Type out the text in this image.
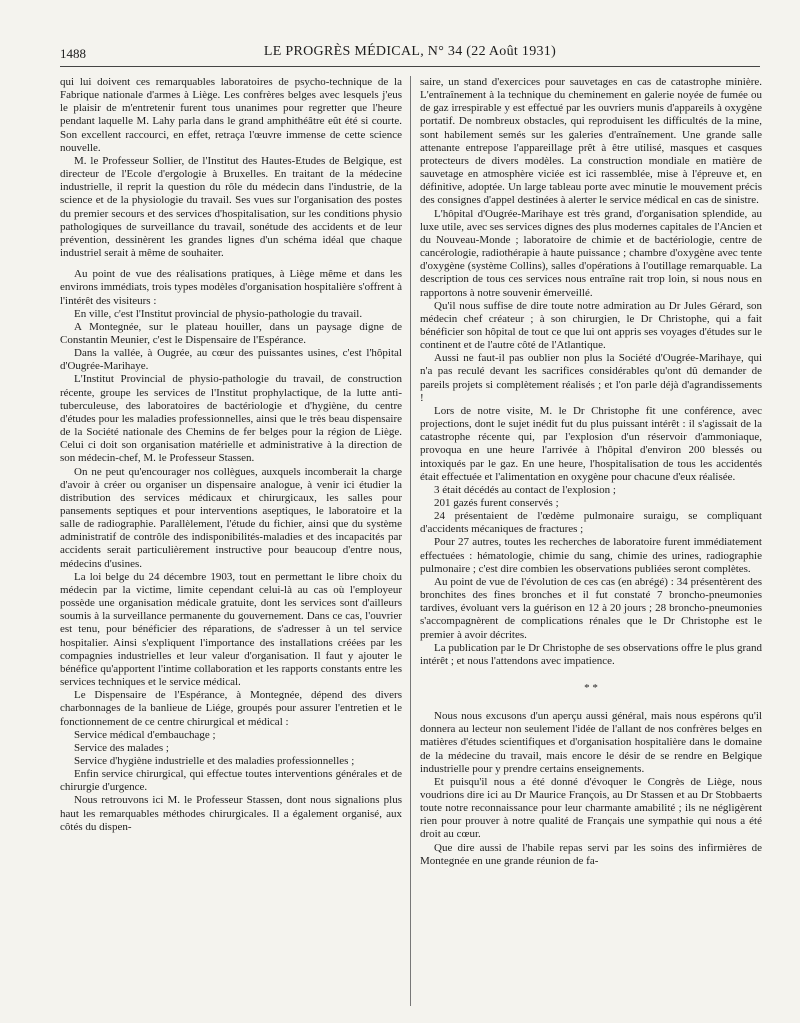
1488	LE PROGRÈS MÉDICAL, N° 34 (22 Août 1931)

qui lui doivent ces remarquables laboratoires de psycho-technique de la Fabrique nationale d'armes à Liège. Les confrères belges avec lesquels j'eus le plaisir de m'entretenir furent tous unanimes pour regretter que l'heure pendant laquelle M. Lahy parla dans le grand amphithéâtre eût été si courte. Son excellent raccourci, en effet, retraça l'œuvre immense de cette science nouvelle.

M. le Professeur Sollier, de l'Institut des Hautes-Etudes de Belgique, est directeur de l'Ecole d'ergologie à Bruxelles. En traitant de la médecine industrielle, il reprit la question du rôle du médecin dans l'industrie, de la science et de la physiologie du travail. Ses vues sur l'organisation des postes du premier secours et des services d'hospitalisation, sur les conditions physio pathologiques de surveillance du travail, sonétude des accidents et de leur prévention, dessinèrent les grandes lignes d'un schéma idéal que chaque industriel serait à même de souhaiter.

Au point de vue des réalisations pratiques, à Liège même et dans les environs immédiats, trois types modèles d'organisation hospitalière s'offrent à l'intérêt des visiteurs :

En ville, c'est l'Institut provincial de physio-pathologie du travail.

A Montegnée, sur le plateau houiller, dans un paysage digne de Constantin Meunier, c'est le Dispensaire de l'Espérance.

Dans la vallée, à Ougrée, au cœur des puissantes usines, c'est l'hôpital d'Ougrée-Marihaye.

L'Institut Provincial de physio-pathologie du travail, de construction récente, groupe les services de l'Institut prophylactique, de la lutte anti-tuberculeuse, des laboratoires de bactériologie et d'hygiène, du centre d'études pour les maladies professionnelles, ainsi que le très beau dispensaire de la Société nationale des Chemins de fer belges pour la région de Liège. Celui ci doit son organisation matérielle et administrative à la direction de son médecin-chef, M. le Professeur Stassen.

On ne peut qu'encourager nos collègues, auxquels incomberait la charge d'avoir à créer ou organiser un dispensaire analogue, à venir ici étudier la distribution des services médicaux et chirurgicaux, les salles pour pansements septiques et pour interventions aseptiques, le laboratoire et la salle de radiographie. Parallèlement, l'étude du fichier, ainsi que du système administratif de contrôle des indisponibilités-maladies et des incapacités par accidents serait particulièrement instructive pour beaucoup d'entre nous, médecins d'usines.

La loi belge du 24 décembre 1903, tout en permettant le libre choix du médecin par la victime, limite cependant celui-là au cas où l'employeur possède une organisation médicale gratuite, dont les services sont d'ailleurs soumis à la surveillance permanente du gouvernement. Dans ce cas, l'ouvrier est tenu, pour bénéficier des réparations, de s'adresser à un tel service hospitalier. Ainsi s'expliquent l'importance des installations créées par les compagnies industrielles et leur valeur d'organisation. Il faut y ajouter le bénéfice qu'apportent l'intime collaboration et les rapports constants entre les services techniques et le service médical.

Le Dispensaire de l'Espérance, à Montegnée, dépend des divers charbonnages de la banlieue de Liége, groupés pour assurer l'entretien et le fonctionnement de ce centre chirurgical et médical :

Service médical d'embauchage ;

Service des malades ;

Service d'hygiène industrielle et des maladies professionnelles ;

Enfin service chirurgical, qui effectue toutes interventions générales et de chirurgie d'urgence.

Nous retrouvons ici M. le Professeur Stassen, dont nous signalions plus haut les remarquables méthodes chirurgicales. Il a également organisé, aux côtés du dispen-

saire, un stand d'exercices pour sauvetages en cas de catastrophe minière. L'entraînement à la technique du cheminement en galerie noyée de fumée ou de gaz irrespirable y est effectué par les ouvriers munis d'appareils à oxygène portatif. De nombreux obstacles, qui reproduisent les difficultés de la mine, sont habilement semés sur les galeries d'entraînement. Une grande salle attenante entrepose l'appareillage prêt à être utilisé, masques et casques protecteurs de divers modèles. La construction mondiale en matière de sauvetage en atmosphère viciée est ici rassemblée, mise à l'épreuve et, en définitive, adoptée. Un large tableau porte avec minutie le mouvement précis des consignes d'appel destinées à alerter le service médical en cas de sinistre.

L'hôpital d'Ougrée-Marihaye est très grand, d'organisation splendide, au luxe utile, avec ses services dignes des plus modernes capitales de l'Ancien et du Nouveau-Monde ; laboratoire de chimie et de bactériologie, centre de cancérologie, radiothérapie à haute puissance ; chambre d'oxygène avec tente d'oxygène (système Collins), salles d'opérations à l'outillage remarquable. La description de tous ces services nous entraîne rait trop loin, si nous nous en rapportons à notre souvenir émerveillé.

Qu'il nous suffise de dire toute notre admiration au Dr Jules Gérard, son médecin chef créateur ; à son chirurgien, le Dr Christophe, qui a fait bénéficier son hôpital de tout ce que lui ont appris ses voyages d'études sur le continent et de l'autre côté de l'Atlantique.

Aussi ne faut-il pas oublier non plus la Société d'Ougrée-Marihaye, qui n'a pas reculé devant les sacrifices considérables qu'ont dû demander de pareils projets si complètement réalisés ; et l'on parle déjà d'agrandissements !

Lors de notre visite, M. le Dr Christophe fit une conférence, avec projections, dont le sujet inédit fut du plus puissant intérêt : il s'agissait de la catastrophe récente qui, par l'explosion d'un réservoir d'ammoniaque, provoqua en une heure l'arrivée à l'hôpital d'environ 200 blessés ou intoxiqués par le gaz. En une heure, l'hospitalisation de tous les accidentés était effectuée et l'alimentation en oxygène pour chacune d'eux réalisée.

3 était décédés au contact de l'explosion ;

201 gazés furent conservés ;

24 présentaient de l'œdème pulmonaire suraigu, se compliquant d'accidents mécaniques de fractures ;

Pour 27 autres, toutes les recherches de laboratoire furent immédiatement effectuées : hématologie, chimie du sang, chimie des urines, radiographie pulmonaire ; c'est dire combien les observations publiées seront complètes.

Au point de vue de l'évolution de ces cas (en abrégé) : 34 présentèrent des bronchites des fines bronches et il fut constaté 7 broncho-pneumonies tardives, évoluant vers la guérison en 12 à 20 jours ; 28 broncho-pneumonies s'accompagnèrent de complications rénales que le Dr Christophe est le premier à avoir décrites.

La publication par le Dr Christophe de ses observations offre le plus grand intérêt ; et nous l'attendons avec impatience.

* *

Nous nous excusons d'un aperçu aussi général, mais nous espérons qu'il donnera au lecteur non seulement l'idée de l'allant de nos confrères belges en matières d'études scientifiques et d'organisation hospitalière dans le domaine de la médecine du travail, mais encore le désir de se rendre en Belgique industrielle pour y prendre certains enseignements.

Et puisqu'il nous a été donné d'évoquer le Congrès de Liège, nous voudrions dire ici au Dr Maurice François, au Dr Stassen et au Dr Stobbaerts toute notre reconnaissance pour leur charmante amabilité ; ils ne négligèrent rien pour prouver à notre qualité de Français une sympathie qui nous a été droit au cœur.

Que dire aussi de l'habile repas servi par les soins des infirmières de Montegnée en une grande réunion de fa-
